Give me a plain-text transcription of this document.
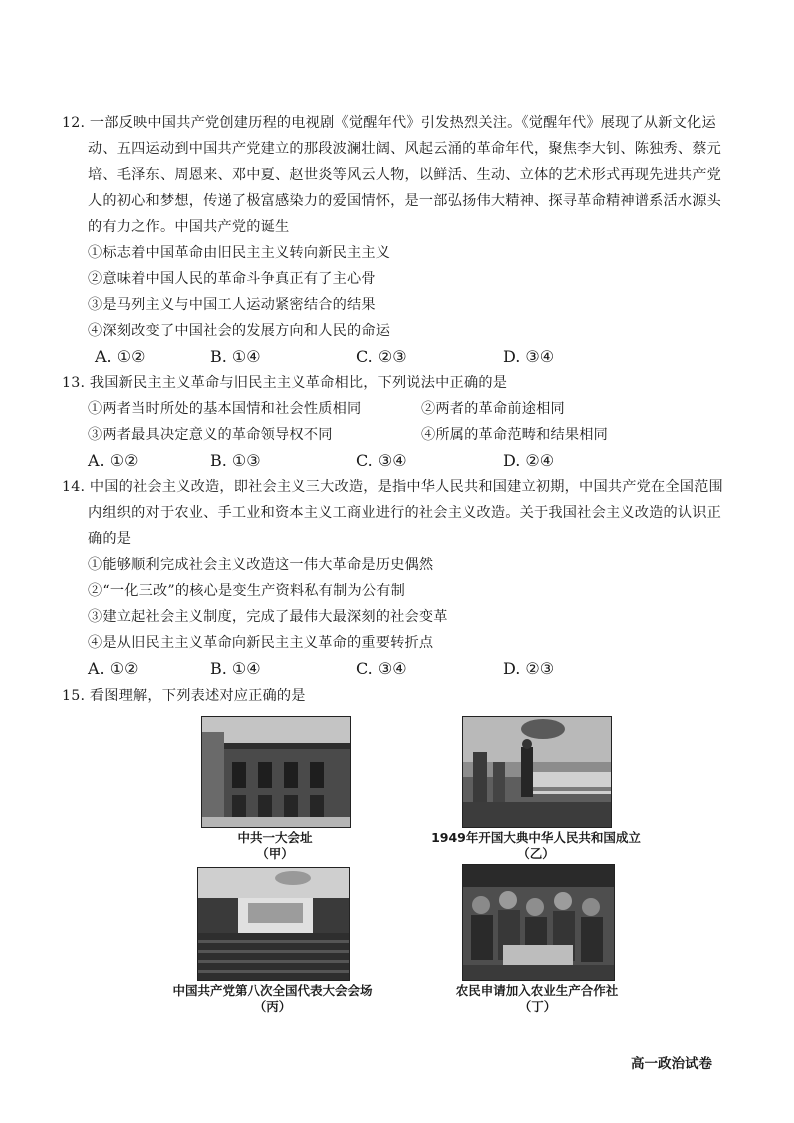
12. 一部反映中国共产党创建历程的电视剧《觉醒年代》引发热烈关注。《觉醒年代》展现了从新文化运
动、五四运动到中国共产党建立的那段波澜壮阔、风起云涌的革命年代，聚焦李大钊、陈独秀、蔡元
培、毛泽东、周恩来、邓中夏、赵世炎等风云人物，以鲜活、生动、立体的艺术形式再现先进共产党
人的初心和梦想，传递了极富感染力的爱国情怀，是一部弘扬伟大精神、探寻革命精神谱系活水源头
的有力之作。中国共产党的诞生
①标志着中国革命由旧民主主义转向新民主主义
②意味着中国人民的革命斗争真正有了主心骨
③是马列主义与中国工人运动紧密结合的结果
④深刻改变了中国社会的发展方向和人民的命运
A. ①②	B. ①④	C. ②③	D. ③④
13. 我国新民主主义革命与旧民主主义革命相比，下列说法中正确的是
①两者当时所处的基本国情和社会性质相同	②两者的革命前途相同
③两者最具决定意义的革命领导权不同	④所属的革命范畴和结果相同
A. ①②	B. ①③	C. ③④	D. ②④
14. 中国的社会主义改造，即社会主义三大改造，是指中华人民共和国建立初期，中国共产党在全国范围
内组织的对于农业、手工业和资本主义工商业进行的社会主义改造。关于我国社会主义改造的认识正
确的是
①能够顺利完成社会主义改造这一伟大革命是历史偶然
②“一化三改”的核心是变生产资料私有制为公有制
③建立起社会主义制度，完成了最伟大最深刻的社会变革
④是从旧民主主义革命向新民主主义革命的重要转折点
A. ①②	B. ①④	C. ③④	D. ②③
15. 看图理解，下列表述对应正确的是
中共一大会址
（甲）
1949年开国大典中华人民共和国成立
（乙）
中国共产党第八次全国代表大会会场
（丙）
农民申请加入农业生产合作社
（丁）
高一政治试卷
